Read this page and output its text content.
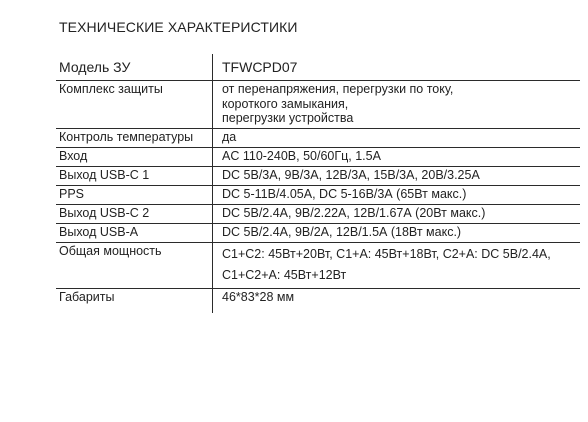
ТЕХНИЧЕСКИЕ ХАРАКТЕРИСТИКИ
Модель ЗУ	TFWCPD07
Комплекс защиты	от перенапряжения, перегрузки по току,
короткого замыкания,
перегрузки устройства
Контроль температуры	да
Вход	AC 110-240В, 50/60Гц, 1.5А
Выход USB-C 1	DC 5В/3А, 9В/3А, 12В/3А, 15В/3А, 20В/3.25А
PPS	DC 5-11В/4.05А, DC 5-16В/3А (65Вт макс.)
Выход USB-C 2	DC 5В/2.4А, 9В/2.22А, 12В/1.67А (20Вт макс.)
Выход USB-A	DC 5В/2.4А, 9В/2А, 12В/1.5А (18Вт макс.)
Общая мощность	C1+C2: 45Вт+20Вт, C1+A: 45Вт+18Вт, C2+A: DC 5В/2.4А,
C1+C2+A: 45Вт+12Вт
Габариты	46*83*28 мм
